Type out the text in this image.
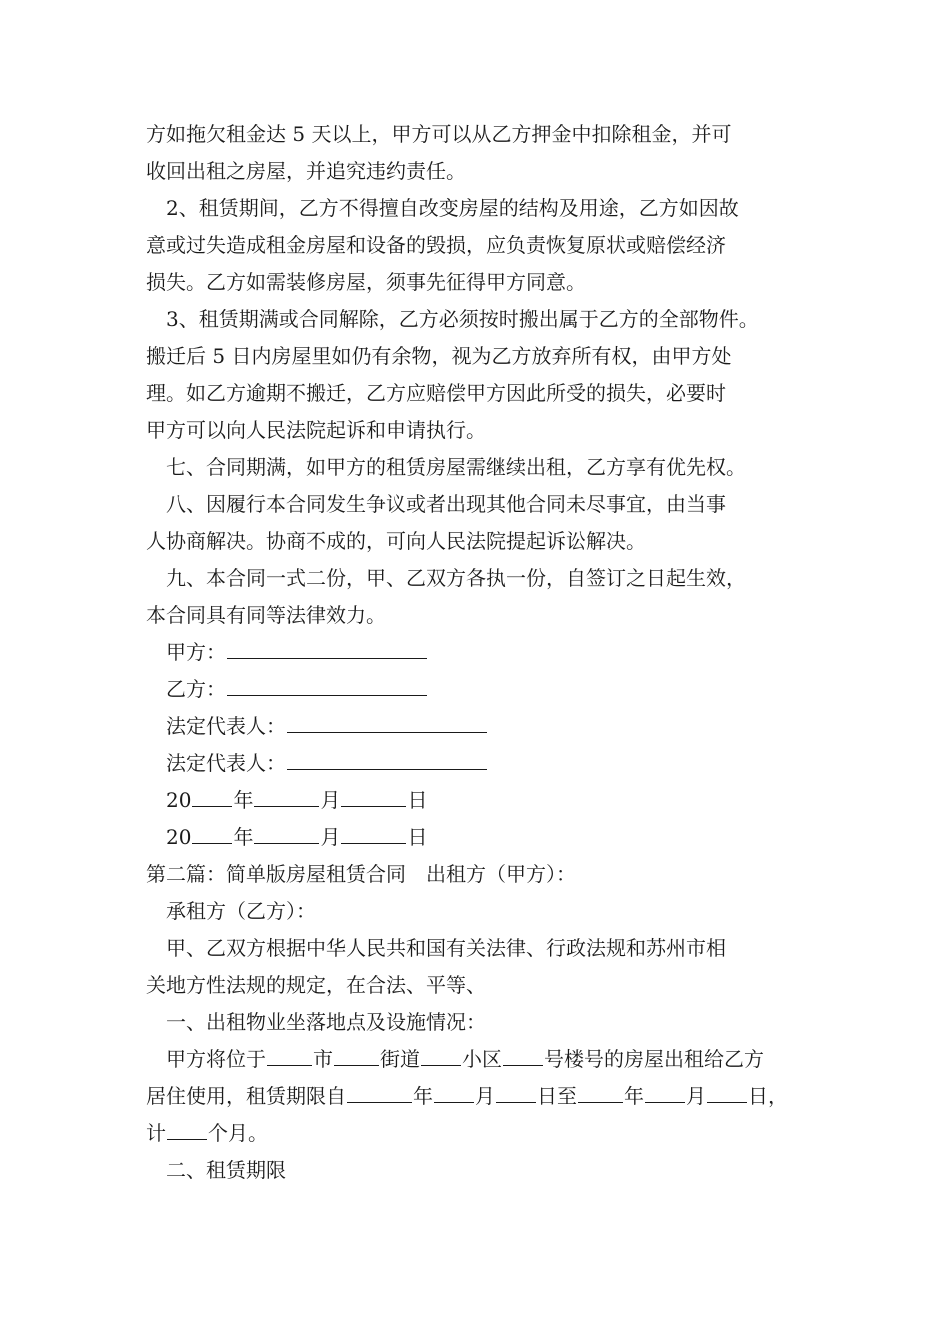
方如拖欠租金达 5 天以上，甲方可以从乙方押金中扣除租金，并可
收回出租之房屋，并追究违约责任。
2、租赁期间，乙方不得擅自改变房屋的结构及用途，乙方如因故
意或过失造成租金房屋和设备的毁损，应负责恢复原状或赔偿经济
损失。乙方如需装修房屋，须事先征得甲方同意。
3、租赁期满或合同解除，乙方必须按时搬出属于乙方的全部物件。
搬迁后 5 日内房屋里如仍有余物，视为乙方放弃所有权，由甲方处
理。如乙方逾期不搬迁，乙方应赔偿甲方因此所受的损失，必要时
甲方可以向人民法院起诉和申请执行。
七、合同期满，如甲方的租赁房屋需继续出租，乙方享有优先权。
八、因履行本合同发生争议或者出现其他合同未尽事宜，由当事
人协商解决。协商不成的，可向人民法院提起诉讼解决。
九、本合同一式二份，甲、乙双方各执一份，自签订之日起生效，
本合同具有同等法律效力。
甲方：
乙方：
法定代表人：
法定代表人：
20 年	月	日
20 年	月	日
第二篇：简单版房屋租赁合同　出租方（甲方）：
承租方（乙方）：
甲、乙双方根据中华人民共和国有关法律、行政法规和苏州市相
关地方性法规的规定，在合法、平等、
一、出租物业坐落地点及设施情况：
甲方将位于 市 街道 小区 号楼号的房屋出租给乙方
居住使用，租赁期限自	年 月 日至 年 月 日，
计 个月。
二、租赁期限
